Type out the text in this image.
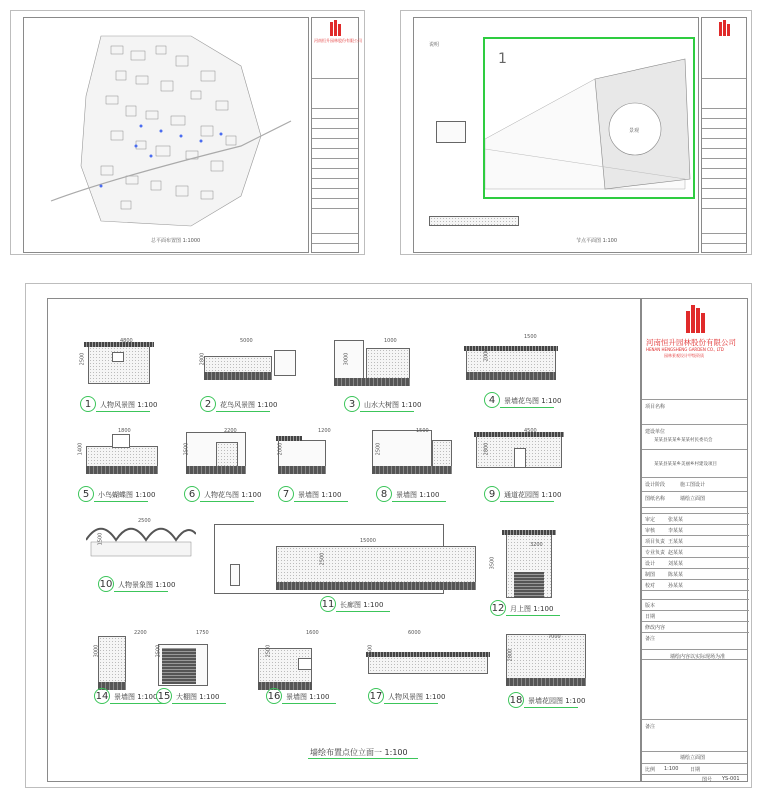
河南恒升园林股份有限公司
总平面布置图 1:1000
1
景观
节点平面图 1:100
说明
河南恒升园林股份有限公司
HENAN HENGSHENG GARDEN CO., LTD
园林景观设计甲级资质
项目名称
建设单位
某某县某某乡某某村民委员会
某某县某某乡美丽乡村建设项目
设计阶段	施工图设计
图纸名称	墙绘立面图
审定	张某某
审核	李某某
项目负责 王某某
专业负责 赵某某
设计	刘某某
制图	陈某某
校对	孙某某
版本
日期
修改内容
备注
墙绘内容以实际现场为准
备注
墙绘立面图
比例 1:100 日期
图号 YS-001
1	人物风景图 1:100
4800
2500
2	花鸟风景图 1:100
5000
2800
3	山水大树图 1:100
1000
3000
4	景墙花鸟图 1:100
1500
2000
5	小鸟蝴蝶图 1:100
1800
1400
6	人物花鸟图 1:100
2200
2500
7	景墙图 1:100
1200
2000
8	景墙图 1:100
1500
2500
9	通道花园图 1:100
4500
2800
10 人物景象图 1:100
2500
1500
11 长廊图 1:100
15000
2500
12 月上图 1:100
3200
3500
14 景墙图 1:100
2200
3000
15 大棚图 1:100
1750
2500
16 景墙图 1:100
1600
2500
17 人物风景图 1:100
6000
1500
18 景墙花园图 1:100
7000
2800
墙绘布置点位立面一 1:100
